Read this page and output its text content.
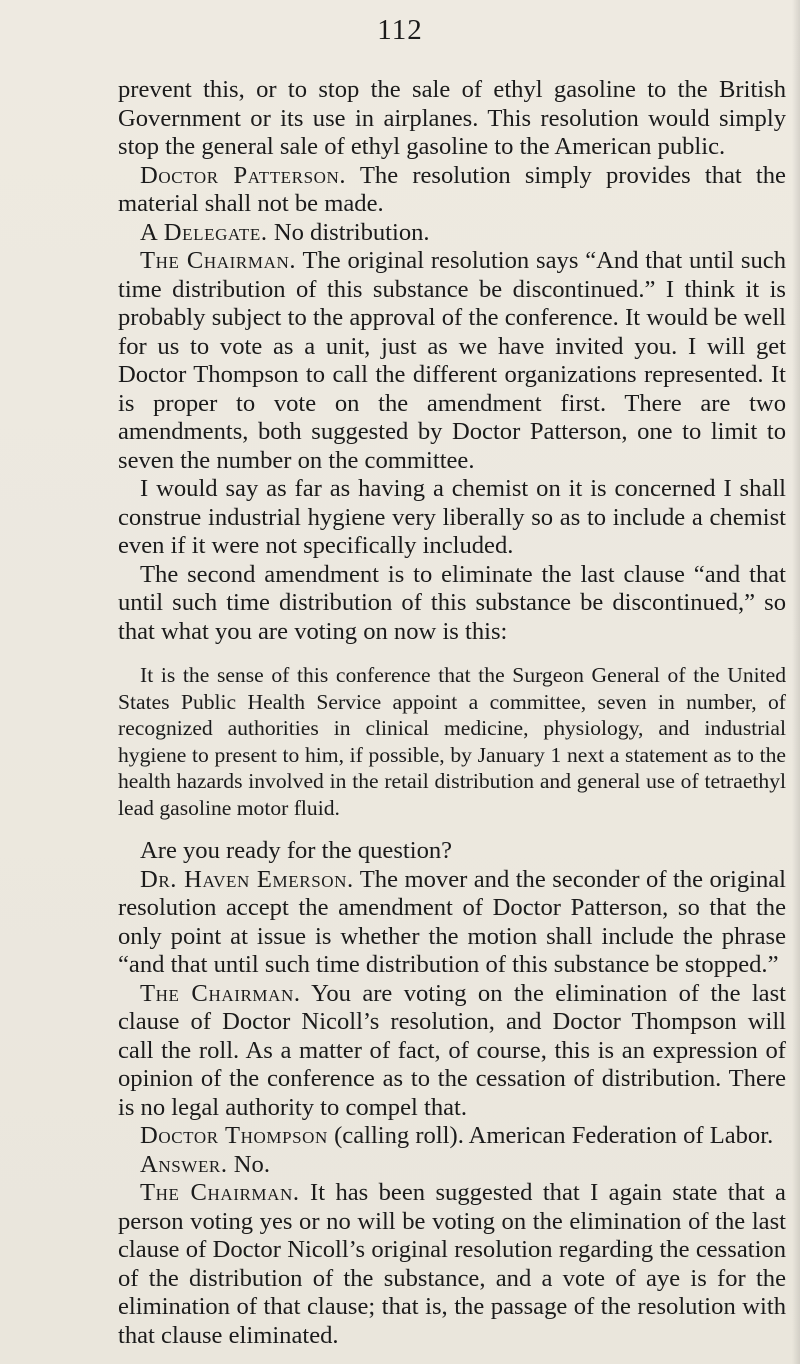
112

prevent this, or to stop the sale of ethyl gasoline to the British Government or its use in airplanes. This resolution would simply stop the general sale of ethyl gasoline to the American public.

Doctor Patterson. The resolution simply provides that the material shall not be made.

A Delegate. No distribution.

The Chairman. The original resolution says “And that until such time distribution of this substance be discontinued.” I think it is probably subject to the approval of the conference. It would be well for us to vote as a unit, just as we have invited you. I will get Doctor Thompson to call the different organizations represented. It is proper to vote on the amendment first. There are two amendments, both suggested by Doctor Patterson, one to limit to seven the number on the committee.

I would say as far as having a chemist on it is concerned I shall construe industrial hygiene very liberally so as to include a chemist even if it were not specifically included.

The second amendment is to eliminate the last clause “and that until such time distribution of this substance be discontinued,” so that what you are voting on now is this:

It is the sense of this conference that the Surgeon General of the United States Public Health Service appoint a committee, seven in number, of recognized authorities in clinical medicine, physiology, and industrial hygiene to present to him, if possible, by January 1 next a statement as to the health hazards involved in the retail distribution and general use of tetraethyl lead gasoline motor fluid.

Are you ready for the question?

Dr. Haven Emerson. The mover and the seconder of the original resolution accept the amendment of Doctor Patterson, so that the only point at issue is whether the motion shall include the phrase “and that until such time distribution of this substance be stopped.”

The Chairman. You are voting on the elimination of the last clause of Doctor Nicoll’s resolution, and Doctor Thompson will call the roll. As a matter of fact, of course, this is an expression of opinion of the conference as to the cessation of distribution. There is no legal authority to compel that.

Doctor Thompson (calling roll). American Federation of Labor.

Answer. No.

The Chairman. It has been suggested that I again state that a person voting yes or no will be voting on the elimination of the last clause of Doctor Nicoll’s original resolution regarding the cessation of the distribution of the substance, and a vote of aye is for the elimination of that clause; that is, the passage of the resolution with that clause eliminated.
